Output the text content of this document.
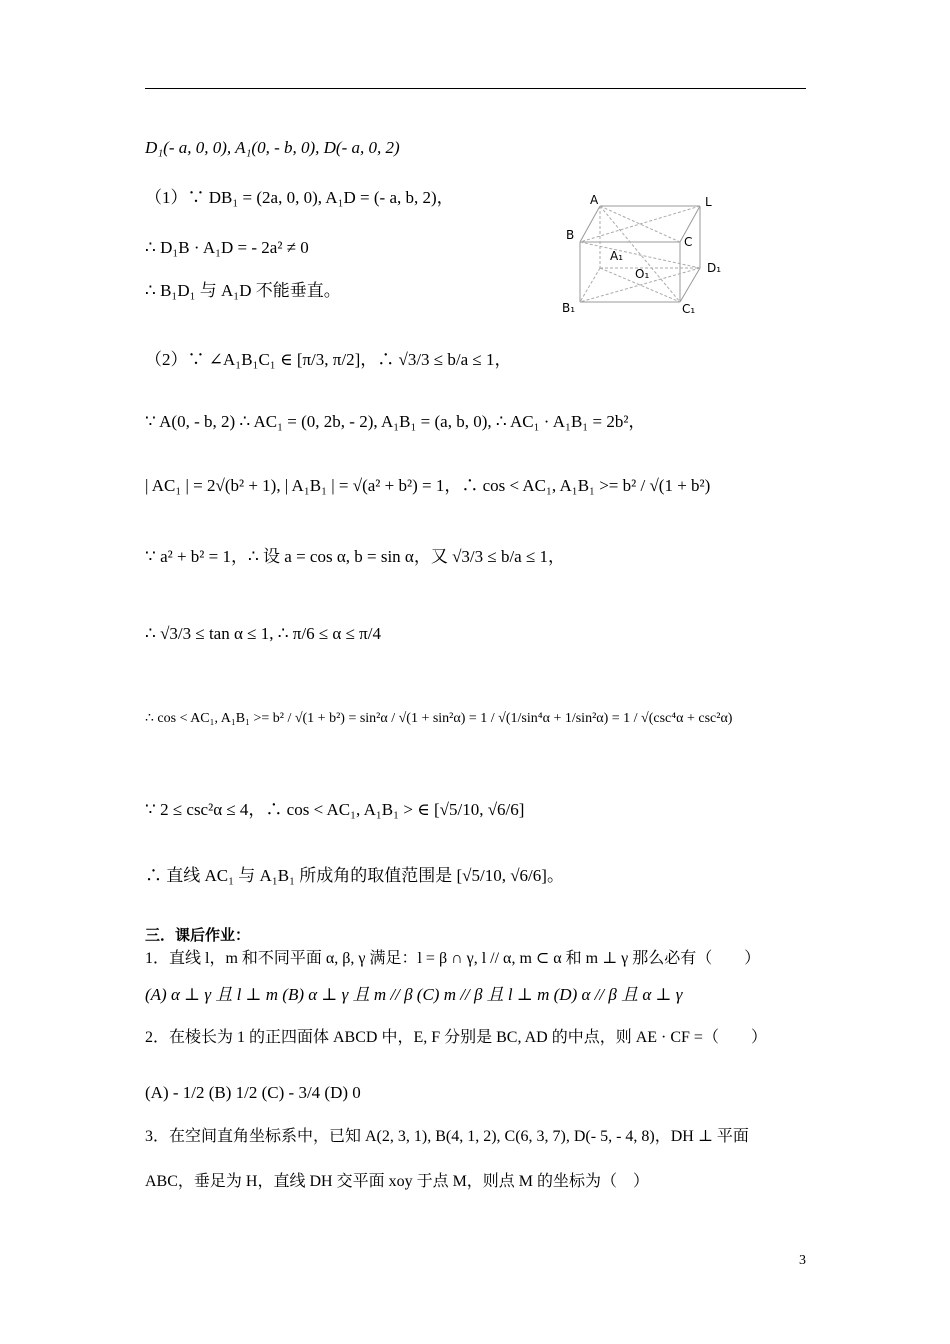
D₁(- a, 0, 0), A₁(0, - b, 0), D(- a, 0, 2)
（1）∵ DB₁ = (2a, 0, 0), A₁D = (- a, b, 2)，
∴ D₁B · A₁D = - 2a² ≠ 0
∴ B₁D₁ 与 A₁D 不能垂直。
（2）∵ ∠A₁B₁C₁ ∈ [π/3, π/2]，∴ √3/3 ≤ b/a ≤ 1，
∵ A(0, - b, 2) ∴ AC₁ = (0, 2b, - 2), A₁B₁ = (a, b, 0), ∴ AC₁ · A₁B₁ = 2b²，
| AC₁ | = 2√(b² + 1), | A₁B₁ | = √(a² + b²) = 1，∴ cos < AC₁, A₁B₁ >= b² / √(1 + b²)
∵ a² + b² = 1，∴ 设 a = cos α, b = sin α，又 √3/3 ≤ b/a ≤ 1，
∴ √3/3 ≤ tan α ≤ 1, ∴ π/6 ≤ α ≤ π/4
∴ cos < AC₁, A₁B₁ >= b² / √(1 + b²) = sin²α / √(1 + sin²α) = 1 / √(1/sin⁴α + 1/sin²α) = 1 / √(csc⁴α + csc²α)
∵ 2 ≤ csc²α ≤ 4，∴ cos < AC₁, A₁B₁ > ∈ [√5/10, √6/6]
∴ 直线 AC₁ 与 A₁B₁ 所成角的取值范围是 [√5/10, √6/6]。
三．课后作业：
1．直线 l，m 和不同平面 α, β, γ 满足：l = β ∩ γ, l // α, m ⊂ α 和 m ⊥ γ 那么必有（　　）
(A) α ⊥ γ 且 l ⊥ m (B) α ⊥ γ 且 m // β (C) m // β 且 l ⊥ m (D) α // β 且 α ⊥ γ
2．在棱长为 1 的正四面体 ABCD 中，E, F 分别是 BC, AD 的中点，则 AE · CF =（　　）
(A) - 1/2 (B) 1/2 (C) - 3/4 (D) 0
3．在空间直角坐标系中，已知 A(2, 3, 1), B(4, 1, 2), C(6, 3, 7), D(- 5, - 4, 8)，DH ⊥ 平面
ABC，垂足为 H，直线 DH 交平面 xoy 于点 M，则点 M 的坐标为（　）
A	L
B	C
A₁
O₁	D₁
B₁	C₁
3
